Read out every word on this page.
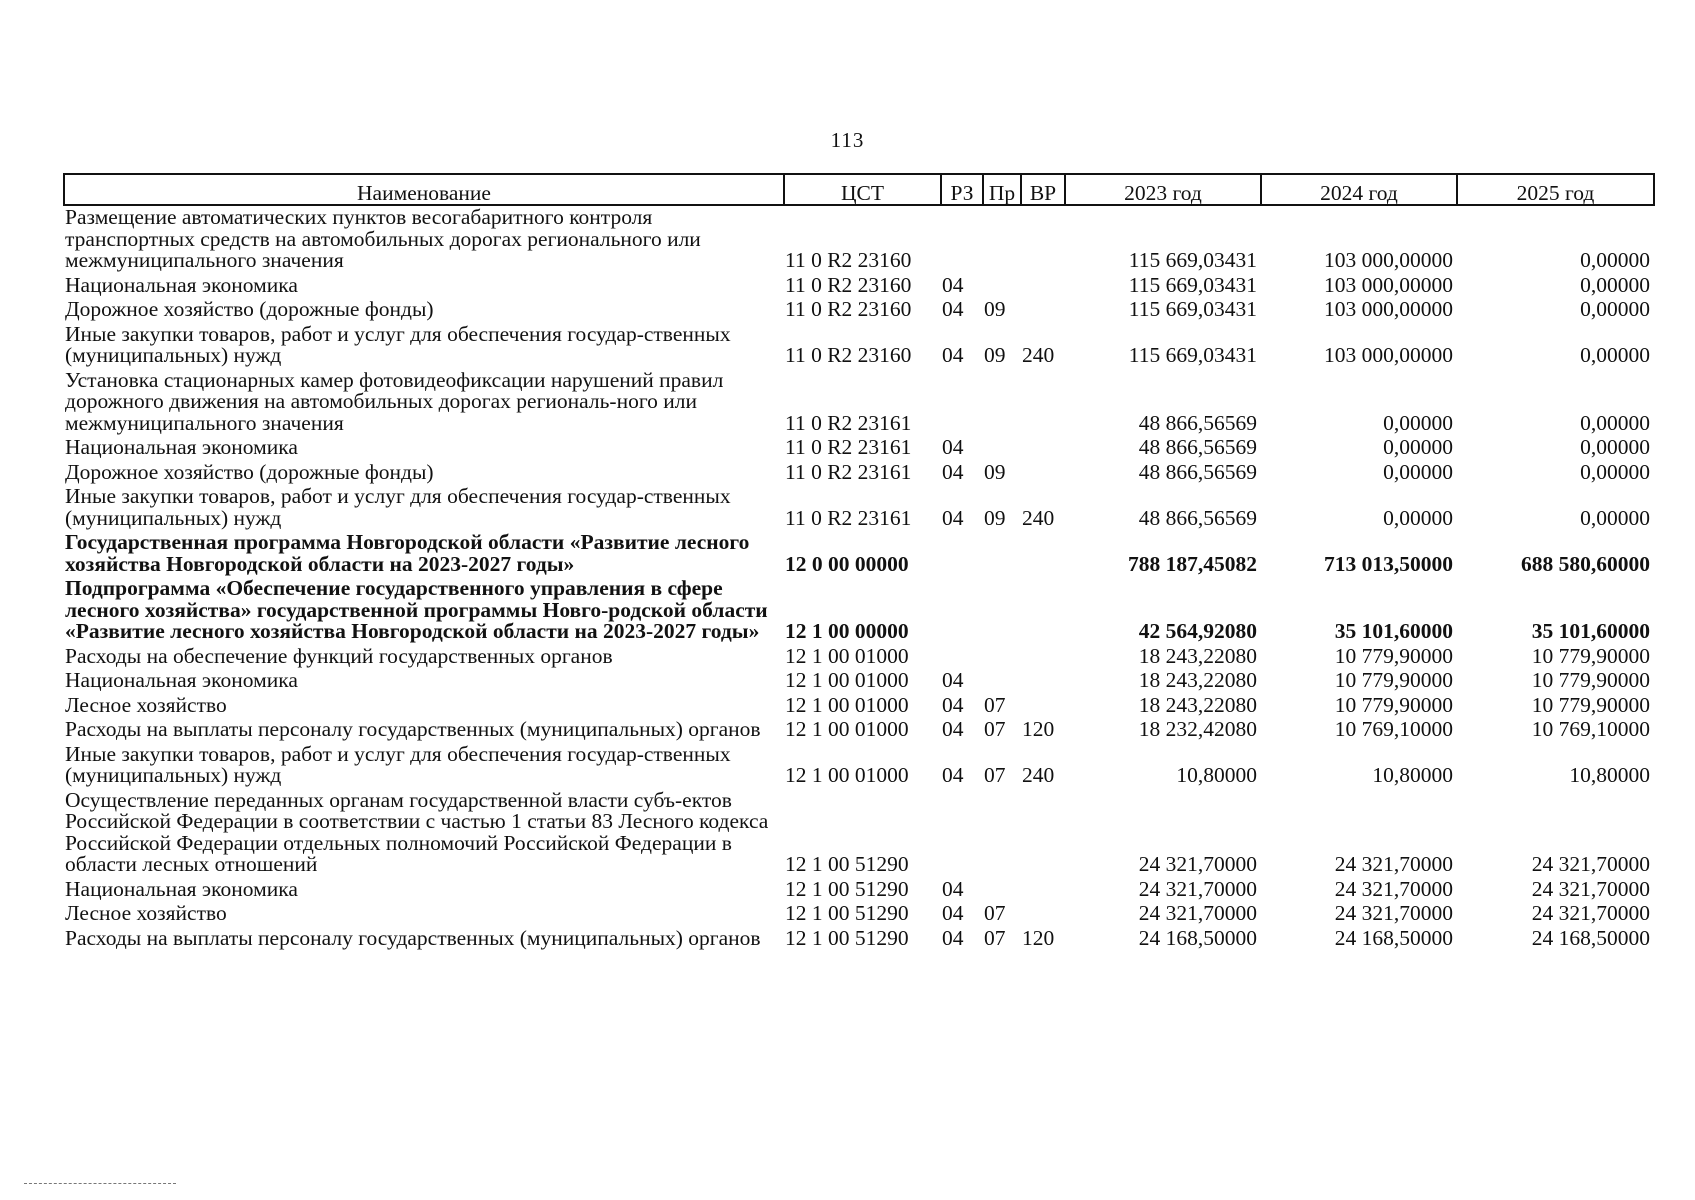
113
Наименование	ЦСТ	РЗ	Пр	ВР	2023 год	2024 год	2025 год
Размещение автоматических пунктов весогабаритного контроля транспортных средств на автомобильных дорогах регионального или межмуниципального значения	11 0 R2 23160				115 669,03431	103 000,00000	0,00000
Национальная экономика	11 0 R2 23160	04			115 669,03431	103 000,00000	0,00000
Дорожное хозяйство (дорожные фонды)	11 0 R2 23160	04	09		115 669,03431	103 000,00000	0,00000
Иные закупки товаров, работ и услуг для обеспечения государ-ственных (муниципальных) нужд	11 0 R2 23160	04	09	240	115 669,03431	103 000,00000	0,00000
Установка стационарных камер фотовидеофиксации нарушений правил дорожного движения на автомобильных дорогах региональ-ного или межмуниципального значения	11 0 R2 23161				48 866,56569	0,00000	0,00000
Национальная экономика	11 0 R2 23161	04			48 866,56569	0,00000	0,00000
Дорожное хозяйство (дорожные фонды)	11 0 R2 23161	04	09		48 866,56569	0,00000	0,00000
Иные закупки товаров, работ и услуг для обеспечения государ-ственных (муниципальных) нужд	11 0 R2 23161	04	09	240	48 866,56569	0,00000	0,00000
Государственная программа Новгородской области «Развитие лесного хозяйства Новгородской области на 2023-2027 годы»	12 0 00 00000				788 187,45082	713 013,50000	688 580,60000
Подпрограмма «Обеспечение государственного управления в сфере лесного хозяйства» государственной программы Новго-родской области «Развитие лесного хозяйства Новгородской области на 2023-2027 годы»	12 1 00 00000				42 564,92080	35 101,60000	35 101,60000
Расходы на обеспечение функций государственных органов	12 1 00 01000				18 243,22080	10 779,90000	10 779,90000
Национальная экономика	12 1 00 01000	04			18 243,22080	10 779,90000	10 779,90000
Лесное хозяйство	12 1 00 01000	04	07		18 243,22080	10 779,90000	10 779,90000
Расходы на выплаты персоналу государственных (муниципальных) органов	12 1 00 01000	04	07	120	18 232,42080	10 769,10000	10 769,10000
Иные закупки товаров, работ и услуг для обеспечения государ-ственных (муниципальных) нужд	12 1 00 01000	04	07	240	10,80000	10,80000	10,80000
Осуществление переданных органам государственной власти субъ-ектов Российской Федерации в соответствии с частью 1 статьи 83 Лесного кодекса Российской Федерации отдельных полномочий Российской Федерации в области лесных отношений	12 1 00 51290				24 321,70000	24 321,70000	24 321,70000
Национальная экономика	12 1 00 51290	04			24 321,70000	24 321,70000	24 321,70000
Лесное хозяйство	12 1 00 51290	04	07		24 321,70000	24 321,70000	24 321,70000
Расходы на выплаты персоналу государственных (муниципальных) органов	12 1 00 51290	04	07	120	24 168,50000	24 168,50000	24 168,50000
